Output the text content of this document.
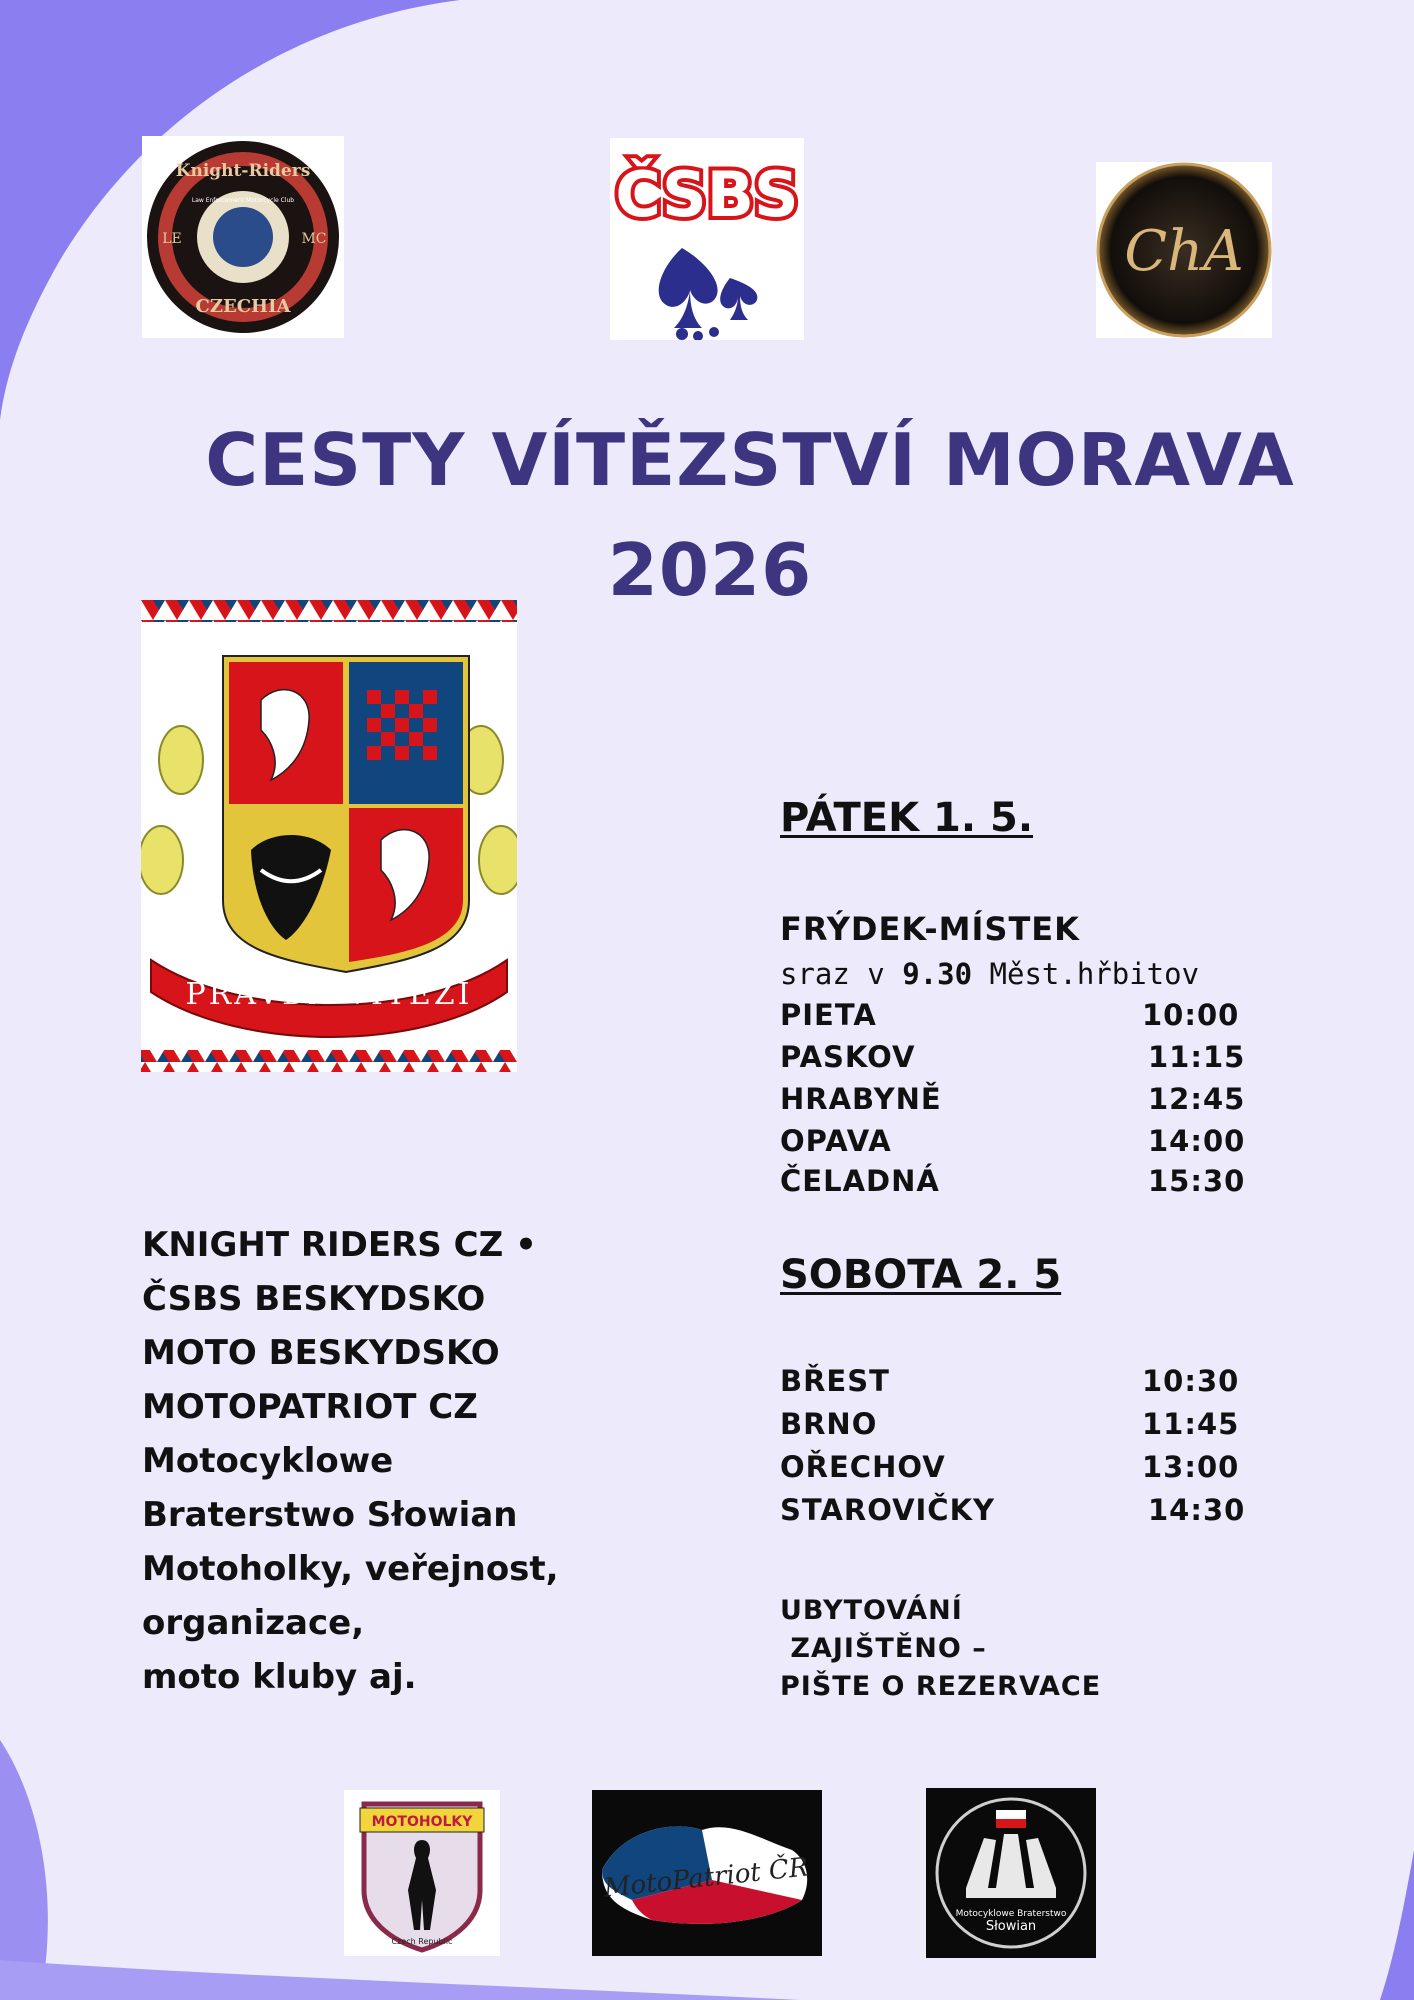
Knight-Riders
LE	MC
CZECHIA
Law Enforcement Motorcycle Club	ČSBS
ChA
CESTY VÍTĚZSTVÍ MORAVA
2026
PRAVDA VÍTĚZÍ
PÁTEK 1. 5.
FRÝDEK-MÍSTEK
sraz v 9.30 Měst.hřbitov
PIETA	10:00
PASKOV	11:15
HRABYNĚ	12:45
OPAVA	14:00
ČELADNÁ	15:30
SOBOTA 2. 5
BŘEST	10:30
BRNO	11:45
OŘECHOV	13:00
STAROVIČKY	14:30
KNIGHT RIDERS CZ •
ČSBS BESKYDSKO
MOTO BESKYDSKO
MOTOPATRIOT CZ
Motocyklowe
Braterstwo Słowian
Motoholky, veřejnost,
organizace,
moto kluby aj.
UBYTOVÁNÍ
ZAJIŠTĚNO –
PIŠTE O REZERVACE
MOTOHOLKY
Czech Republic
MotoPatriot ČR
Motocyklowe Braterstwo
Słowian
